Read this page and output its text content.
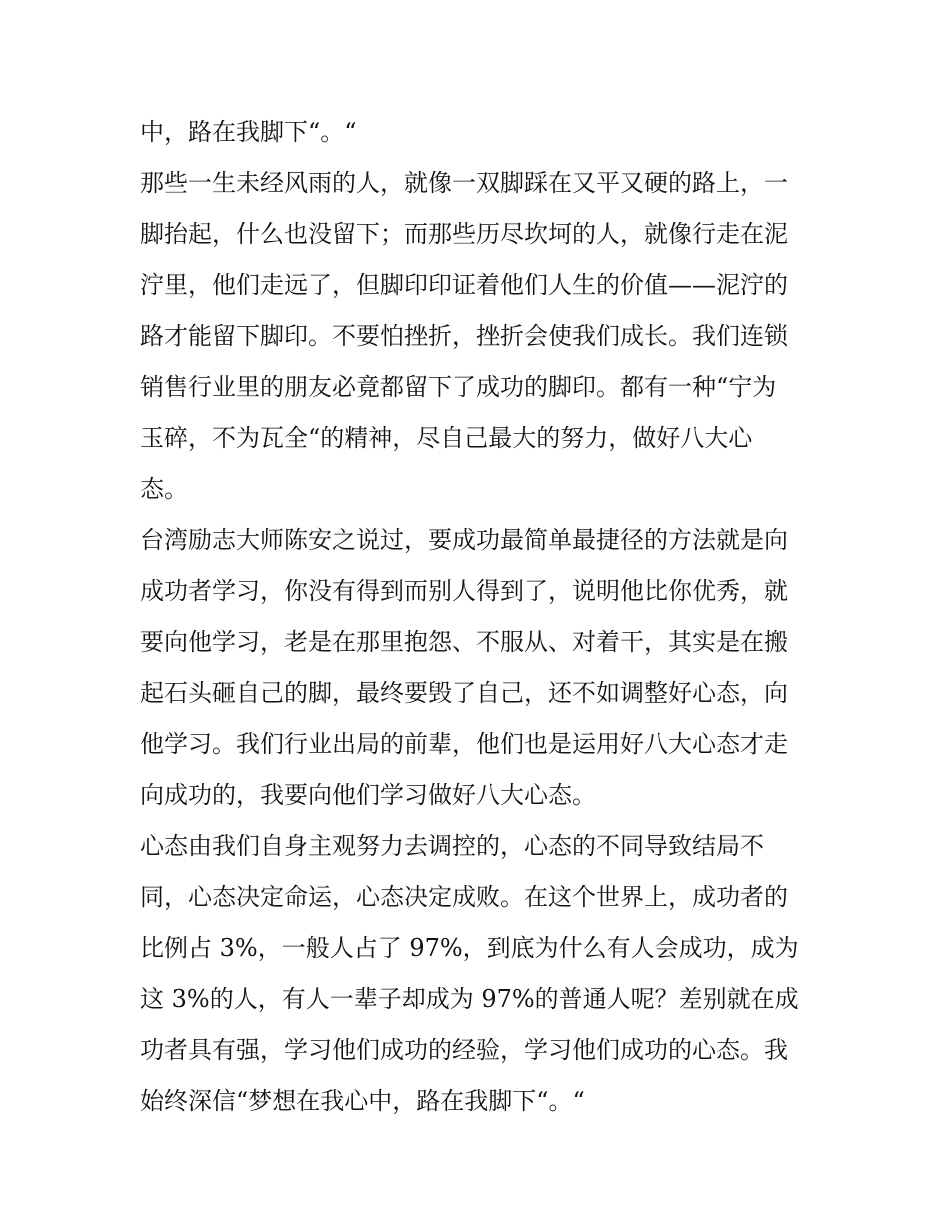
中，路在我脚下“。“
那些一生未经风雨的人，就像一双脚踩在又平又硬的路上，一
脚抬起，什么也没留下；而那些历尽坎坷的人，就像行走在泥
泞里，他们走远了，但脚印印证着他们人生的价值——泥泞的
路才能留下脚印。不要怕挫折，挫折会使我们成长。我们连锁
销售行业里的朋友必竟都留下了成功的脚印。都有一种“宁为
玉碎，不为瓦全“的精神，尽自己最大的努力，做好八大心
态。
台湾励志大师陈安之说过，要成功最简单最捷径的方法就是向
成功者学习，你没有得到而别人得到了，说明他比你优秀，就
要向他学习，老是在那里抱怨、不服从、对着干，其实是在搬
起石头砸自己的脚，最终要毁了自己，还不如调整好心态，向
他学习。我们行业出局的前辈，他们也是运用好八大心态才走
向成功的，我要向他们学习做好八大心态。
心态由我们自身主观努力去调控的，心态的不同导致结局不
同，心态决定命运，心态决定成败。在这个世界上，成功者的
比例占 3%，一般人占了 97%，到底为什么有人会成功，成为
这 3%的人，有人一辈子却成为 97%的普通人呢？差别就在成
功者具有强，学习他们成功的经验，学习他们成功的心态。我
始终深信“梦想在我心中，路在我脚下“。“
